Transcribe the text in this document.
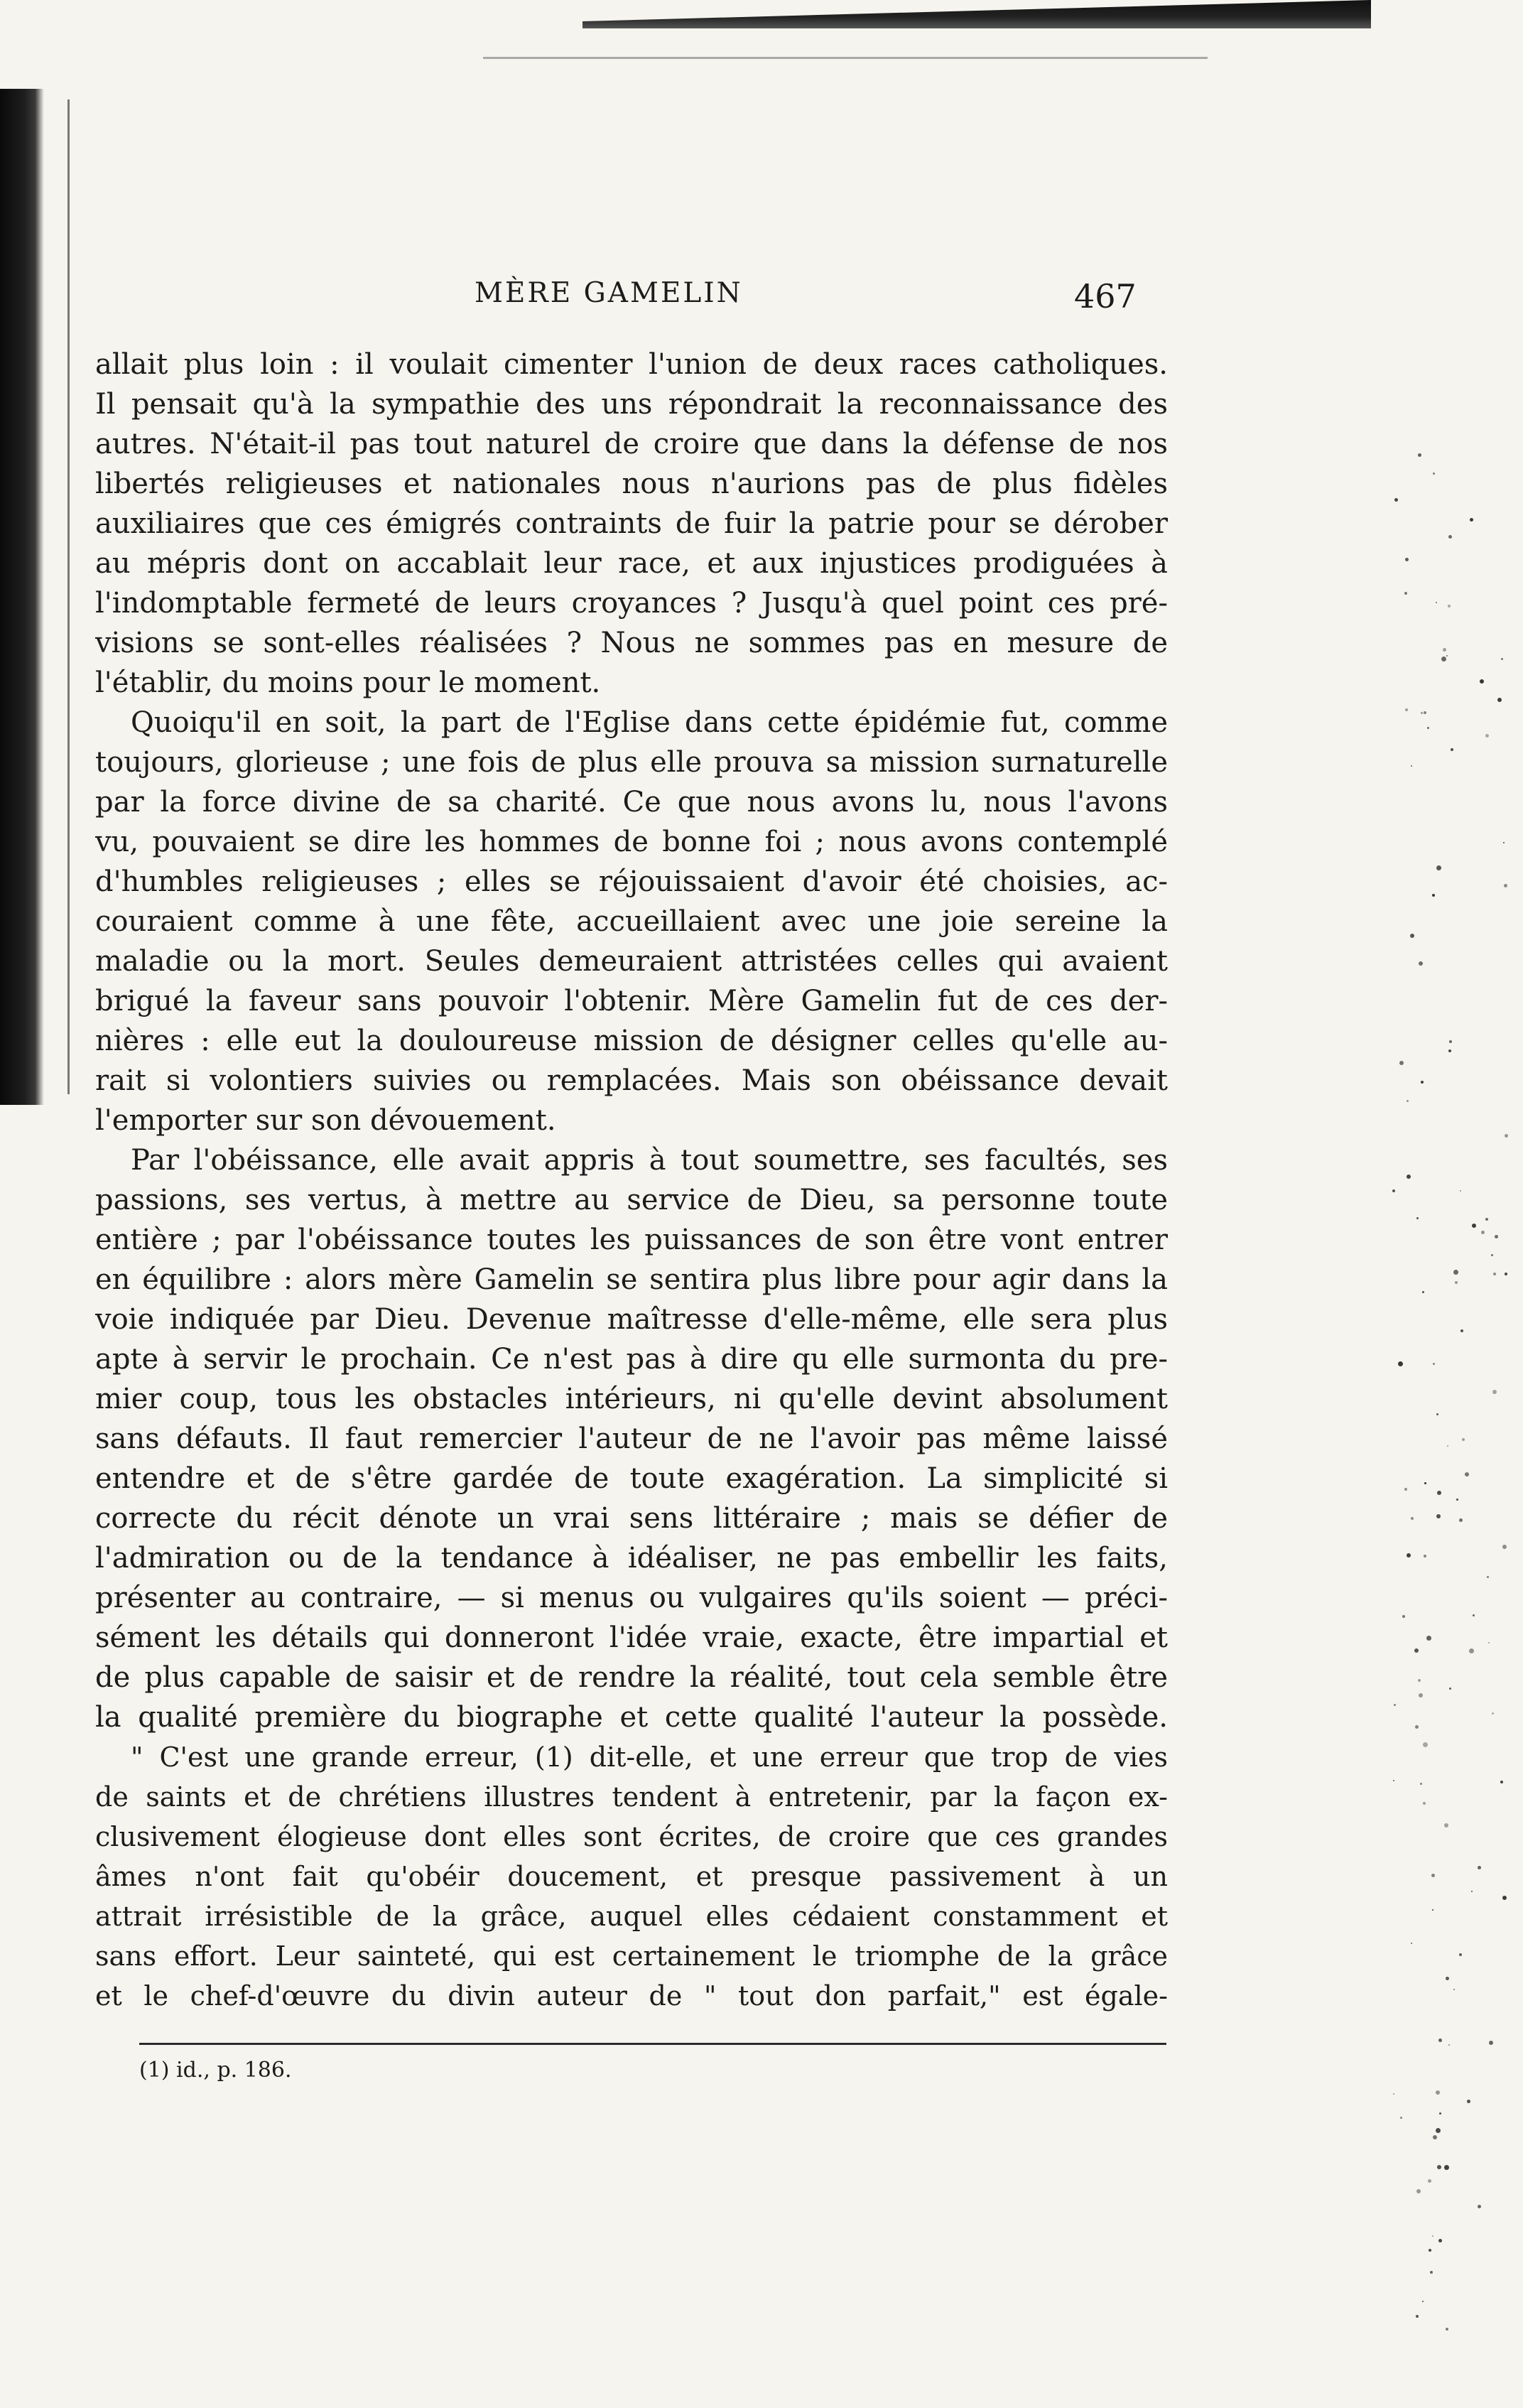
MÈRE GAMELIN	467
allait plus loin : il voulait cimenter l'union de deux races catholiques.
Il pensait qu'à la sympathie des uns répondrait la reconnaissance des
autres. N'était-il pas tout naturel de croire que dans la défense de nos
libertés religieuses et nationales nous n'aurions pas de plus fidèles
auxiliaires que ces émigrés contraints de fuir la patrie pour se dérober
au mépris dont on accablait leur race, et aux injustices prodiguées à
l'indomptable fermeté de leurs croyances ? Jusqu'à quel point ces pré-
visions se sont-elles réalisées ? Nous ne sommes pas en mesure de
l'établir, du moins pour le moment.
Quoiqu'il en soit, la part de l'Eglise dans cette épidémie fut, comme
toujours, glorieuse ; une fois de plus elle prouva sa mission surnaturelle
par la force divine de sa charité. Ce que nous avons lu, nous l'avons
vu, pouvaient se dire les hommes de bonne foi ; nous avons contemplé
d'humbles religieuses ; elles se réjouissaient d'avoir été choisies, ac-
couraient comme à une fête, accueillaient avec une joie sereine la
maladie ou la mort. Seules demeuraient attristées celles qui avaient
brigué la faveur sans pouvoir l'obtenir. Mère Gamelin fut de ces der-
nières : elle eut la douloureuse mission de désigner celles qu'elle au-
rait si volontiers suivies ou remplacées. Mais son obéissance devait
l'emporter sur son dévouement.
Par l'obéissance, elle avait appris à tout soumettre, ses facultés, ses
passions, ses vertus, à mettre au service de Dieu, sa personne toute
entière ; par l'obéissance toutes les puissances de son être vont entrer
en équilibre : alors mère Gamelin se sentira plus libre pour agir dans la
voie indiquée par Dieu. Devenue maîtresse d'elle-même, elle sera plus
apte à servir le prochain. Ce n'est pas à dire qu elle surmonta du pre-
mier coup, tous les obstacles intérieurs, ni qu'elle devint absolument
sans défauts. Il faut remercier l'auteur de ne l'avoir pas même laissé
entendre et de s'être gardée de toute exagération. La simplicité si
correcte du récit dénote un vrai sens littéraire ; mais se défier de
l'admiration ou de la tendance à idéaliser, ne pas embellir les faits,
présenter au contraire, — si menus ou vulgaires qu'ils soient — préci-
sément les détails qui donneront l'idée vraie, exacte, être impartial et
de plus capable de saisir et de rendre la réalité, tout cela semble être
la qualité première du biographe et cette qualité l'auteur la possède.
" C'est une grande erreur, (1) dit-elle, et une erreur que trop de vies
de saints et de chrétiens illustres tendent à entretenir, par la façon ex-
clusivement élogieuse dont elles sont écrites, de croire que ces grandes
âmes n'ont fait qu'obéir doucement, et presque passivement à un
attrait irrésistible de la grâce, auquel elles cédaient constamment et
sans effort. Leur sainteté, qui est certainement le triomphe de la grâce
et le chef-d'œuvre du divin auteur de " tout don parfait," est égale-
(1) id., p. 186.
